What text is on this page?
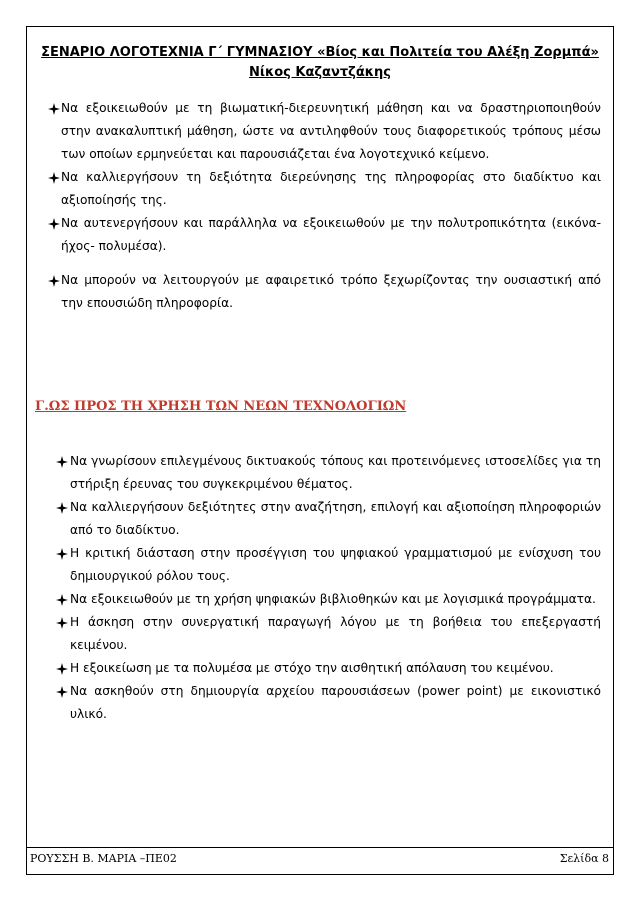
ΣΕΝΑΡΙΟ ΛΟΓΟΤΕΧΝΙΑ Γ΄ ΓΥΜΝΑΣΙΟΥ «Βίος και Πολιτεία του Αλέξη Ζορμπά»
Νίκος Καζαντζάκης
Να εξοικειωθούν με τη βιωματική-διερευνητική μάθηση και να δραστηριοποιηθούν στην ανακαλυπτική μάθηση, ώστε να αντιληφθούν τους διαφορετικούς τρόπους μέσω των οποίων ερμηνεύεται και παρουσιάζεται ένα λογοτεχνικό κείμενο.
Να καλλιεργήσουν τη δεξιότητα διερεύνησης της πληροφορίας στο διαδίκτυο και αξιοποίησής της.
Να αυτενεργήσουν και παράλληλα να εξοικειωθούν με την πολυτροπικότητα (εικόνα-ήχος- πολυμέσα).
Να μπορούν να λειτουργούν με αφαιρετικό τρόπο ξεχωρίζοντας την ουσιαστική από την επουσιώδη πληροφορία.
Γ.ΩΣ ΠΡΟΣ ΤΗ ΧΡΗΣΗ ΤΩΝ ΝΕΩΝ ΤΕΧΝΟΛΟΓΙΩΝ
Να γνωρίσουν επιλεγμένους δικτυακούς τόπους και προτεινόμενες ιστοσελίδες για τη στήριξη έρευνας του συγκεκριμένου θέματος.
Να καλλιεργήσουν δεξιότητες στην αναζήτηση, επιλογή και αξιοποίηση πληροφοριών από το διαδίκτυο.
Η κριτική διάσταση στην προσέγγιση του ψηφιακού γραμματισμού με ενίσχυση του δημιουργικού ρόλου τους.
Να εξοικειωθούν με τη χρήση ψηφιακών βιβλιοθηκών και με λογισμικά προγράμματα.
Η άσκηση στην συνεργατική παραγωγή λόγου με τη βοήθεια του επεξεργαστή κειμένου.
Η εξοικείωση με τα πολυμέσα με στόχο την αισθητική απόλαυση του κειμένου.
Να ασκηθούν στη δημιουργία αρχείου παρουσιάσεων (power point) με εικονιστικό υλικό.
ΡΟΥΣΣΗ Β. ΜΑΡΙΑ –ΠΕ02	Σελίδα 8
